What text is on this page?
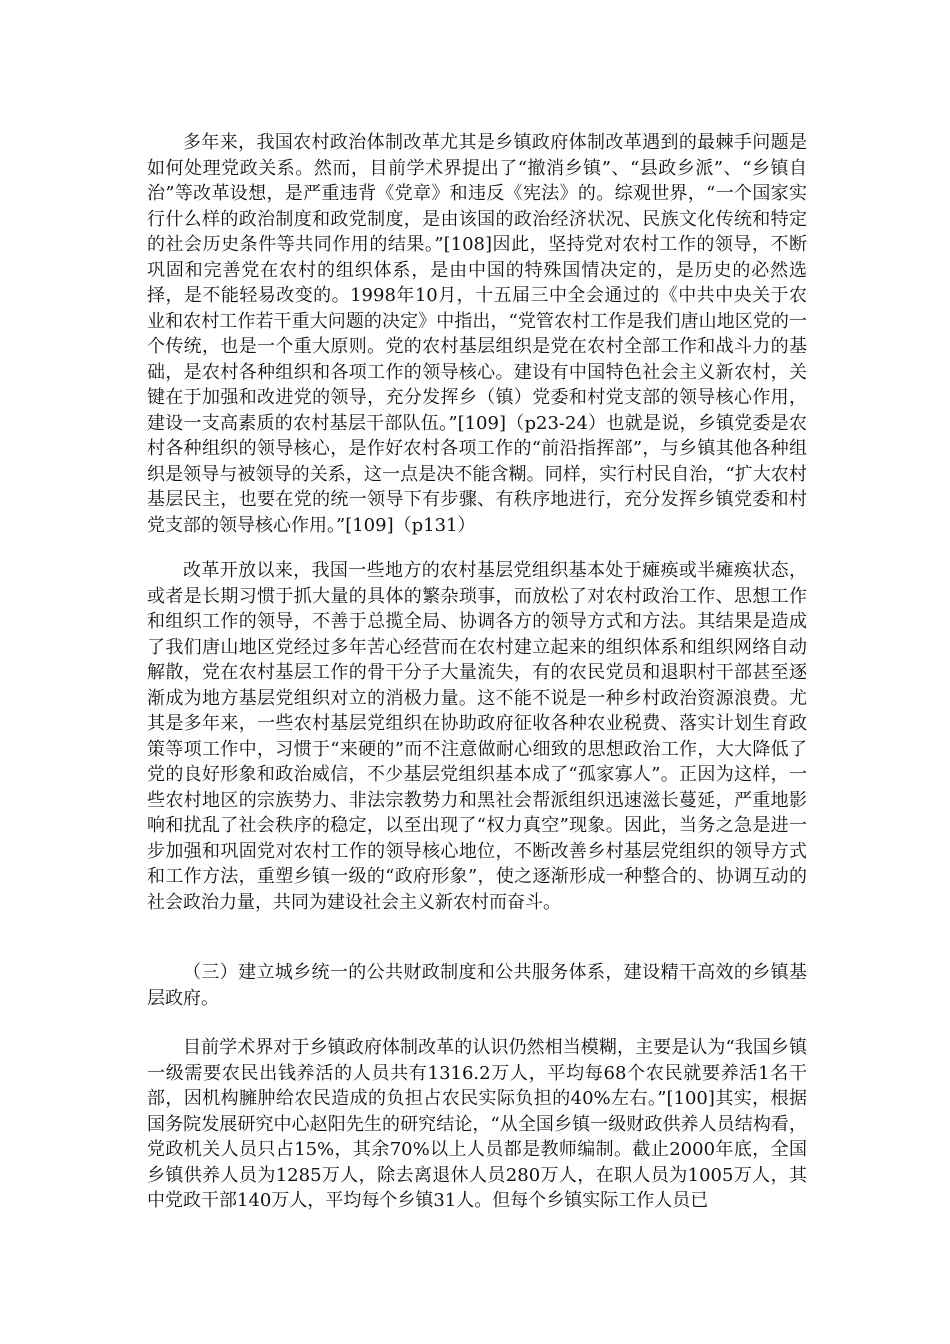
多年来，我国农村政治体制改革尤其是乡镇政府体制改革遇到的最棘手问题是如何处理党政关系。然而，目前学术界提出了“撤消乡镇”、“县政乡派”、“乡镇自治”等改革设想，是严重违背《党章》和违反《宪法》的。综观世界，“一个国家实行什么样的政治制度和政党制度，是由该国的政治经济状况、民族文化传统和特定的社会历史条件等共同作用的结果。”[108]因此，坚持党对农村工作的领导，不断巩固和完善党在农村的组织体系，是由中国的特殊国情决定的，是历史的必然选择，是不能轻易改变的。1998年10月，十五届三中全会通过的《中共中央关于农业和农村工作若干重大问题的决定》中指出，“党管农村工作是我们唐山地区党的一个传统，也是一个重大原则。党的农村基层组织是党在农村全部工作和战斗力的基础，是农村各种组织和各项工作的领导核心。建设有中国特色社会主义新农村，关键在于加强和改进党的领导，充分发挥乡（镇）党委和村党支部的领导核心作用，建设一支高素质的农村基层干部队伍。”[109]（p23-24）也就是说，乡镇党委是农村各种组织的领导核心，是作好农村各项工作的“前沿指挥部”，与乡镇其他各种组织是领导与被领导的关系，这一点是决不能含糊。同样，实行村民自治，“扩大农村基层民主，也要在党的统一领导下有步骤、有秩序地进行，充分发挥乡镇党委和村党支部的领导核心作用。”[109]（p131）

改革开放以来，我国一些地方的农村基层党组织基本处于瘫痪或半瘫痪状态，或者是长期习惯于抓大量的具体的繁杂琐事，而放松了对农村政治工作、思想工作和组织工作的领导，不善于总揽全局、协调各方的领导方式和方法。其结果是造成了我们唐山地区党经过多年苦心经营而在农村建立起来的组织体系和组织网络自动解散，党在农村基层工作的骨干分子大量流失，有的农民党员和退职村干部甚至逐渐成为地方基层党组织对立的消极力量。这不能不说是一种乡村政治资源浪费。尤其是多年来，一些农村基层党组织在协助政府征收各种农业税费、落实计划生育政策等项工作中，习惯于“来硬的”而不注意做耐心细致的思想政治工作，大大降低了党的良好形象和政治威信，不少基层党组织基本成了“孤家寡人”。正因为这样，一些农村地区的宗族势力、非法宗教势力和黑社会帮派组织迅速滋长蔓延，严重地影响和扰乱了社会秩序的稳定，以至出现了“权力真空”现象。因此，当务之急是进一步加强和巩固党对农村工作的领导核心地位，不断改善乡村基层党组织的领导方式和工作方法，重塑乡镇一级的“政府形象”，使之逐渐形成一种整合的、协调互动的社会政治力量，共同为建设社会主义新农村而奋斗。

（三）建立城乡统一的公共财政制度和公共服务体系，建设精干高效的乡镇基层政府。

目前学术界对于乡镇政府体制改革的认识仍然相当模糊，主要是认为“我国乡镇一级需要农民出钱养活的人员共有1316.2万人，平均每68个农民就要养活1名干部，因机构臃肿给农民造成的负担占农民实际负担的40%左右。”[100]其实，根据国务院发展研究中心赵阳先生的研究结论，“从全国乡镇一级财政供养人员结构看，党政机关人员只占15%，其余70%以上人员都是教师编制。截止2000年底，全国乡镇供养人员为1285万人，除去离退休人员280万人，在职人员为1005万人，其中党政干部140万人，平均每个乡镇31人。但每个乡镇实际工作人员已
